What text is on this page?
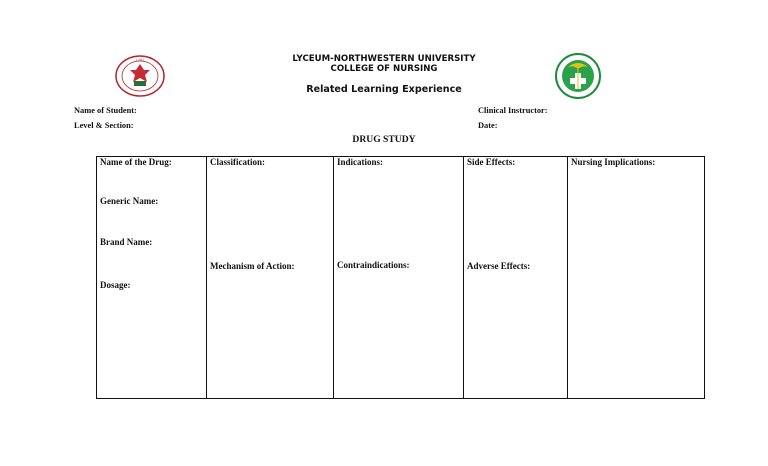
L-NU	LYCEUM-NORTHWESTERN UNIVERSITY
COLLEGE OF NURSING
Related Learning Experience
Name of Student:
Level & Section:
Clinical Instructor:
Date:
DRUG STUDY
Name of the Drug:
Generic Name:
Brand Name:
Dosage:

Classification:
Mechanism of Action:

Indications:
Contraindications:

Side Effects:
Adverse Effects:

Nursing Implications:
